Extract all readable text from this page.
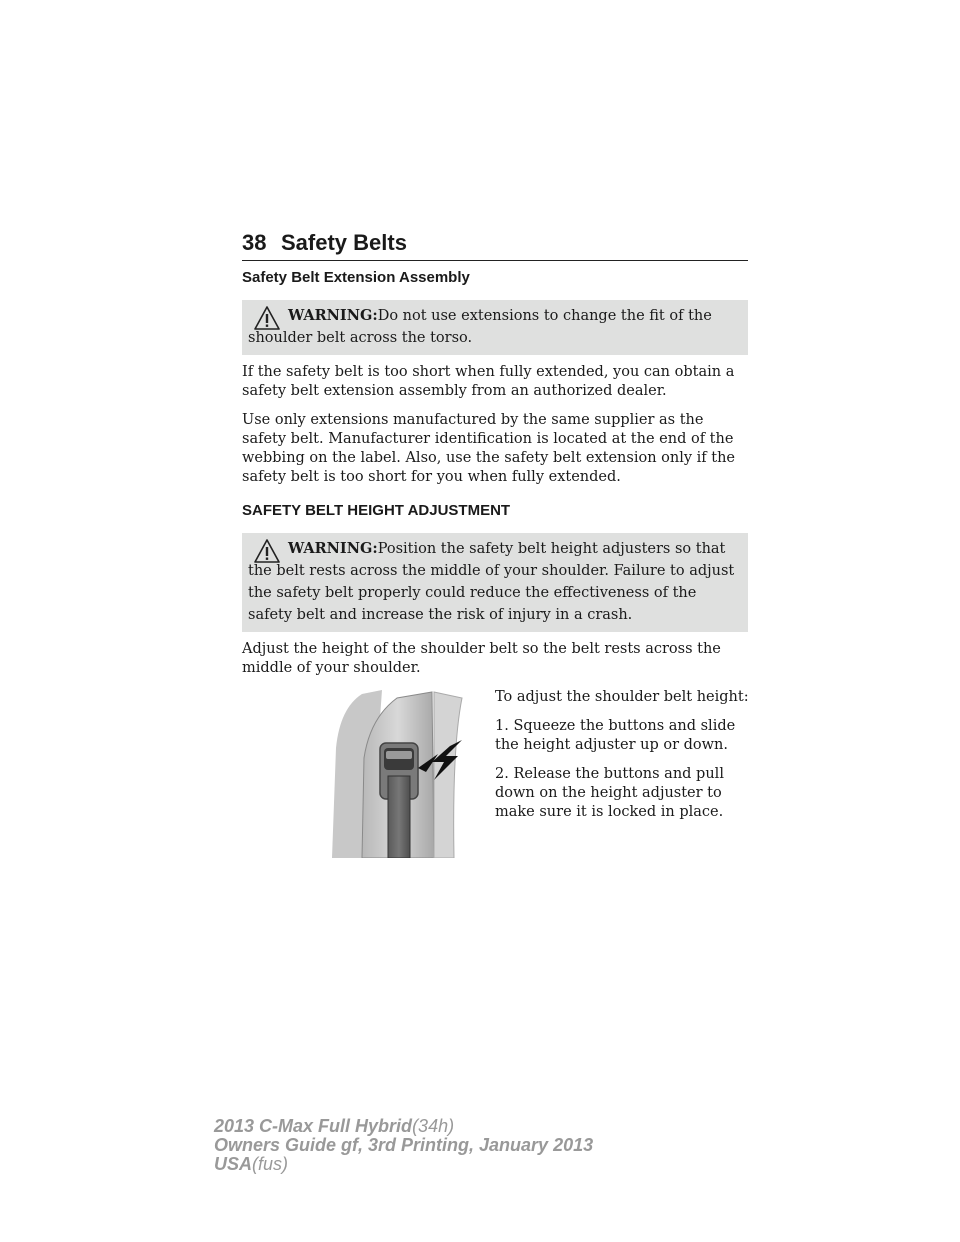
38 Safety Belts
Safety Belt Extension Assembly

WARNING:Do not use extensions to change the fit of the shoulder belt across the torso.

If the safety belt is too short when fully extended, you can obtain a safety belt extension assembly from an authorized dealer.

Use only extensions manufactured by the same supplier as the safety belt. Manufacturer identification is located at the end of the webbing on the label. Also, use the safety belt extension only if the safety belt is too short for you when fully extended.

SAFETY BELT HEIGHT ADJUSTMENT

WARNING:Position the safety belt height adjusters so that the belt rests across the middle of your shoulder. Failure to adjust the safety belt properly could reduce the effectiveness of the safety belt and increase the risk of injury in a crash.

Adjust the height of the shoulder belt so the belt rests across the middle of your shoulder.

To adjust the shoulder belt height:

1. Squeeze the buttons and slide the height adjuster up or down.

2. Release the buttons and pull down on the height adjuster to make sure it is locked in place.

2013 C-Max Full Hybrid(34h)
Owners Guide gf, 3rd Printing, January 2013
USA(fus)
